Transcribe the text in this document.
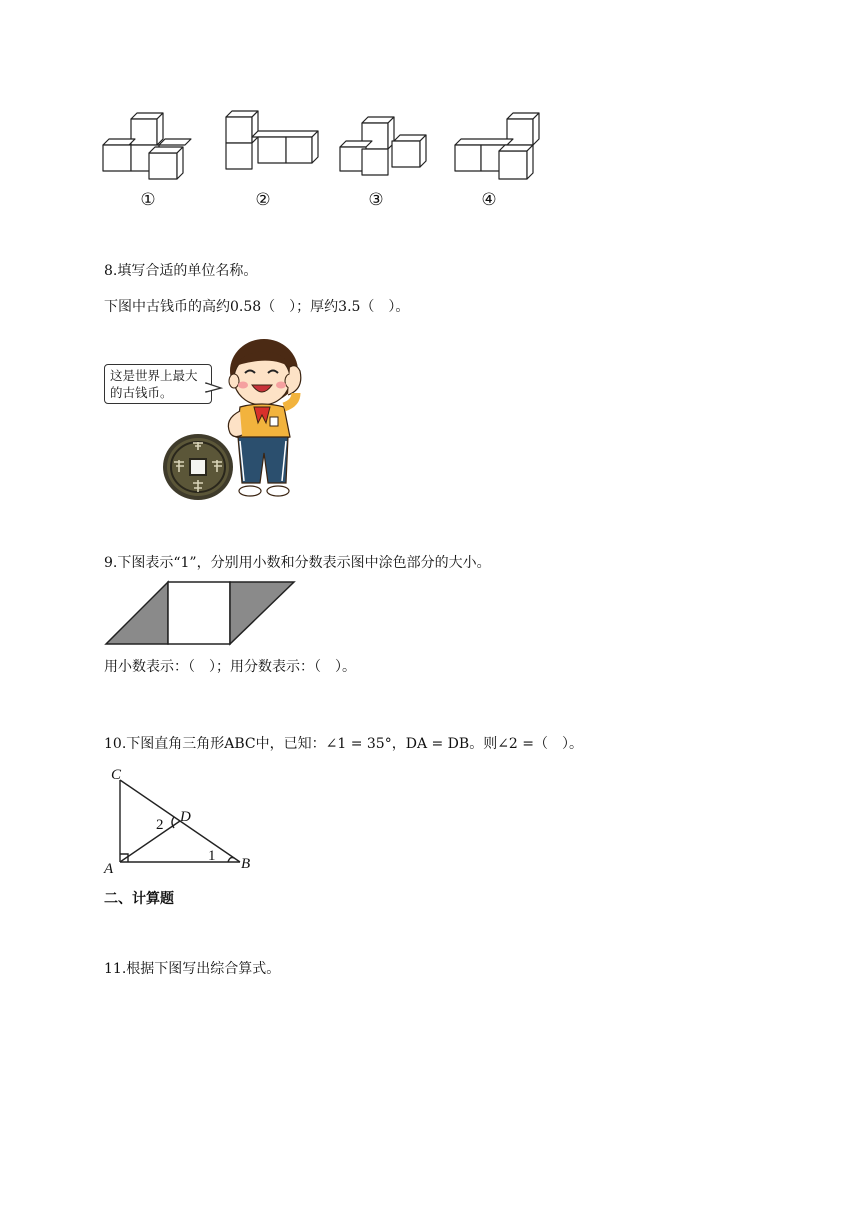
①	②	③	④
8.填写合适的单位名称。
下图中古钱币的高约0.58（　）；厚约3.5（　）。
这是世界上最大的古钱币。
9.下图表示“1”，分别用小数和分数表示图中涂色部分的大小。
用小数表示：（　）；用分数表示：（　）。
10.下图直角三角形ABC中，已知：∠1 = 35°，DA = DB。则∠2 =（　）。
C
D
A	B
2
1
二、计算题
11.根据下图写出综合算式。
